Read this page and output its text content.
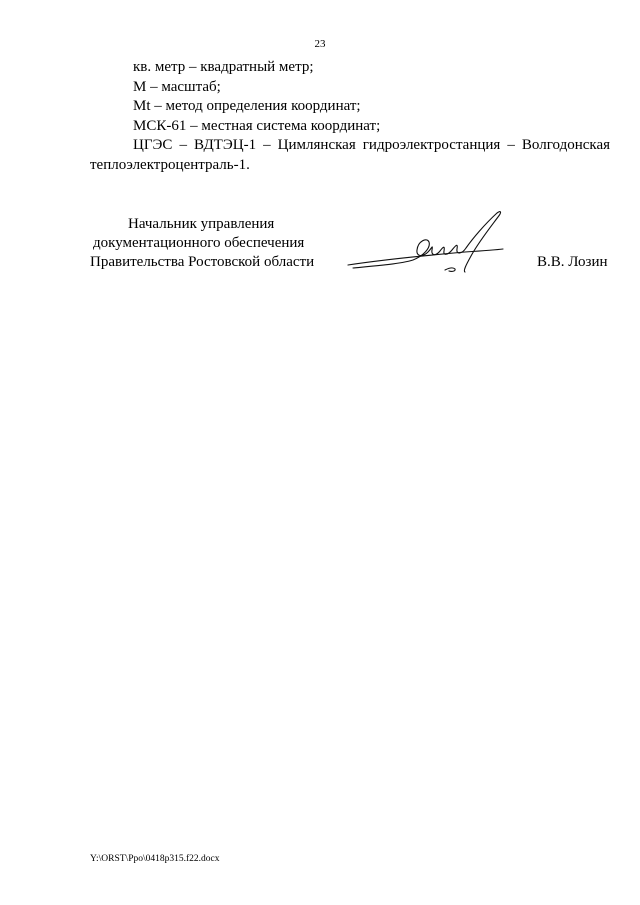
23

кв. метр – квадратный метр;

М – масштаб;

Mt – метод определения координат;

МСК-61 – местная система координат;

ЦГЭС – ВДТЭЦ-1 – Цимлянская гидроэлектростанция – Волгодонская теплоэлектроцентраль-1.

Начальник управления
документационного обеспечения
Правительства Ростовской области	В.В. Лозин
Y:\ORST\Ppo\0418p315.f22.docx
